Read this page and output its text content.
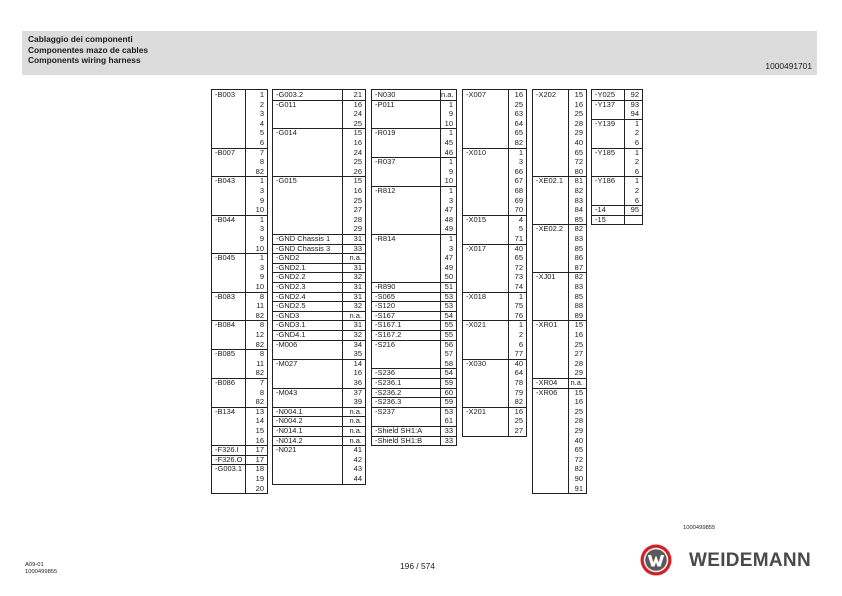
Cablaggio dei componenti
Componentes mazo de cables
Components wiring harness
1000491701
-B003	1
2
3
4
5
6
-B007	7
8
82
-B043	1
3
9
10
-B044	1
3
9
10
-B045	1
3
9
10
-B083	8
11
82
-B084	8
12
82
-B085	8
11
82
-B086	7
8
82
-B134	13
14
15
16
-F326.I	17
-F326.O	17
-G003.1	18
19
20
-G003.2	21
-G011	16
24
25
-G014	15
16
24
25
26
-G015	15
16
25
27
28
29
-GND Chassis 1	31
-GND Chassis 3	33
-GND2	n.a.
-GND2.1	31
-GND2.2	32
-GND2.3	31
-GND2.4	31
-GND2.5	32
-GND3	n.a.
-GND3.1	31
-GND4.1	32
-M006	34
35
-M027	14
16
36
-M043	37
39
-N004.1	n.a.
-N004.2	n.a.
-N014.1	n.a.
-N014.2	n.a.
-N021	41
42
43
44
-N030	n.a.
-P011	1
9
10
-R019	1
45
46
-R037	1
9
10
-R812	1
3
47
48
49
-R814	1
3
47
49
50
-R890	51
-S065	53
-S120	53
-S167	54
-S167.1	55
-S167.2	55
-S216	56
57
58
-S236	54
-S236.1	59
-S236.2	60
-S236.3	59
-S237	53
61
-Shield SH1:A	33
-Shield SH1:B	33
-X007	16
25
63
64
65
82
-X010	1
3
66
67
68
69
70
-X015	4
5
71
-X017	40
65
72
73
74
-X018	1
75
76
-X021	1
2
6
77
-X030	40
64
78
79
82
-X201	16
25
27
-X202	15
16
25
28
29
40
65
72
80
-XE02.1	81
82
83
84
85
-XE02.2	82
83
85
86
87
-XJ01	82
83
85
88
89
-XR01	15
16
25
27
28
29
-XR04 n.a.
-XR06	15
16
25
28
29
40
65
72
82
90
91
-Y025	92
-Y137	93
94
-Y139	1
2
6
-Y185	1
2
6
-Y186	1
2
6
-14	95
-15
1000499855
A09-01
1000499855
196 / 574	WEIDEMANN
